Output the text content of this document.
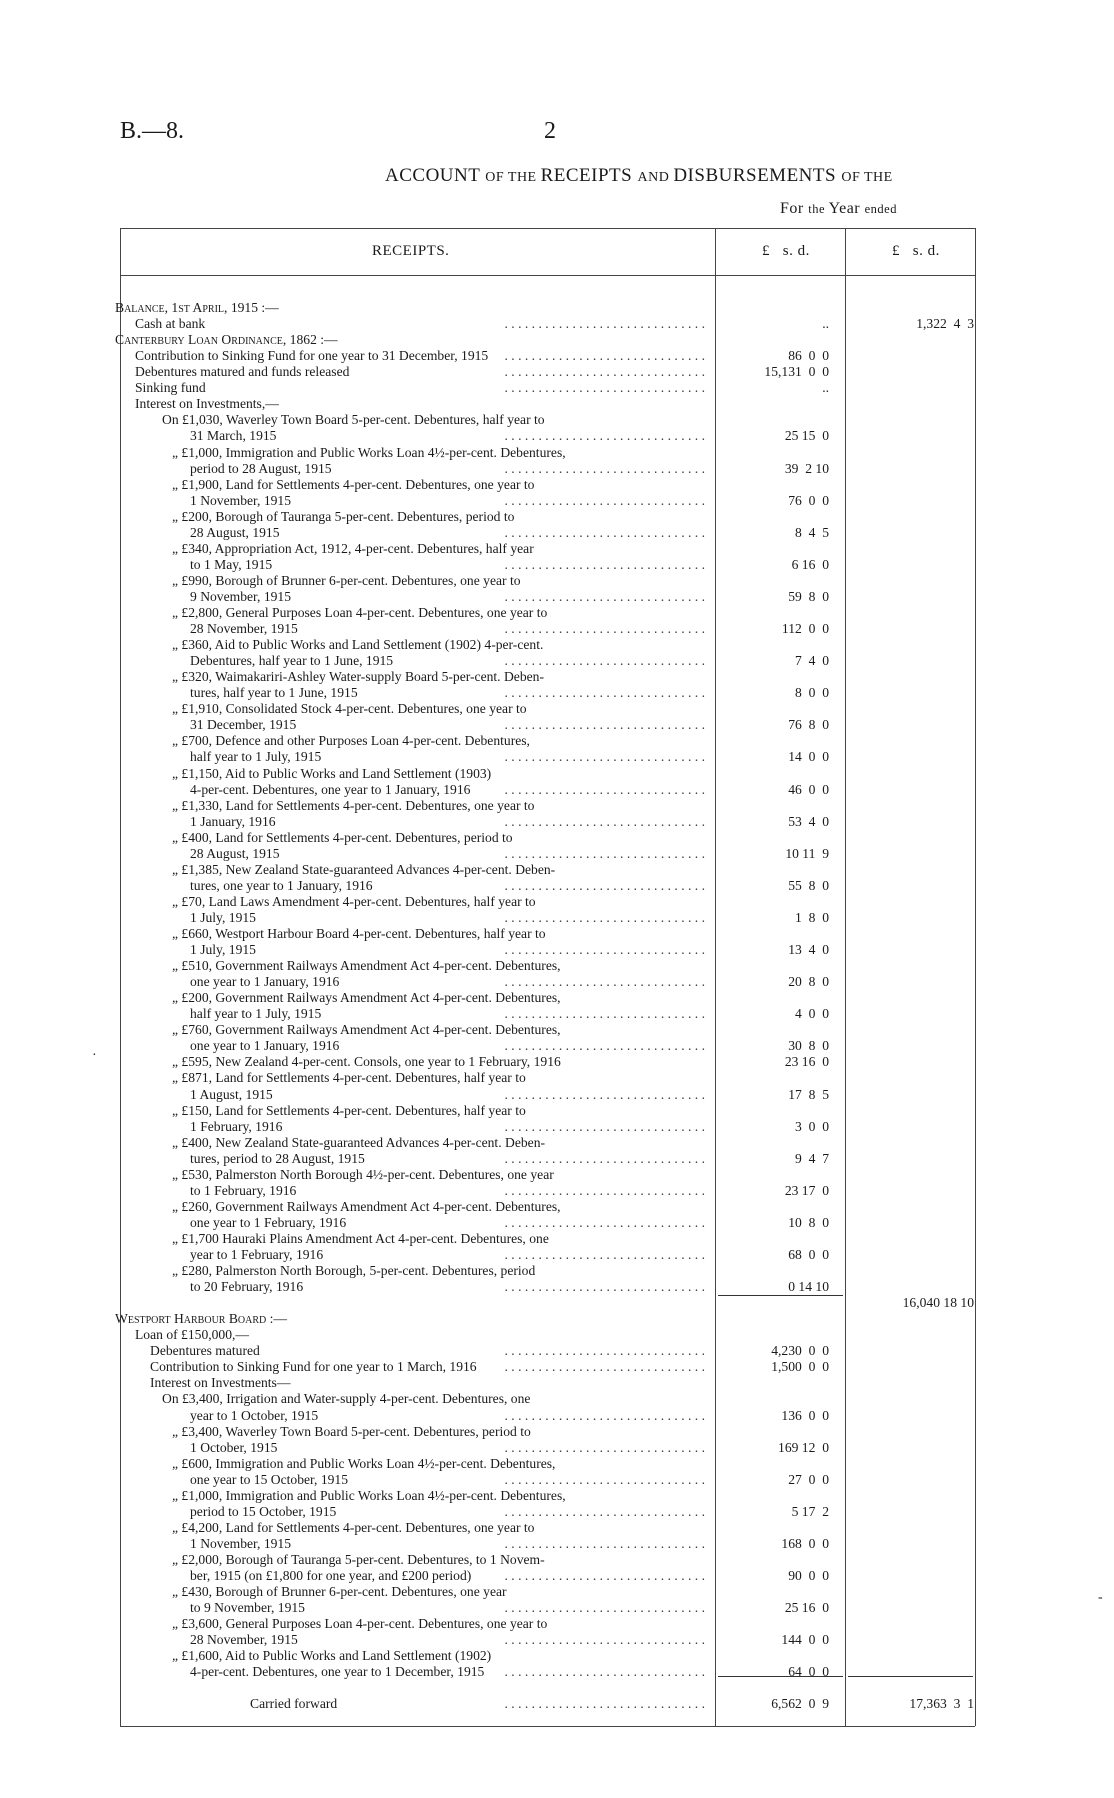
B.—8.	2
ACCOUNT OF THE RECEIPTS AND DISBURSEMENTS OF THE
For the Year ended
RECEIPTS.	£   s. d.	£   s. d.
·
-
Balance, 1st April, 1915 :—
Cash at bank	. . . . . . . . . . . . . . . . . . . . . . . . . . . . . .	..	1,322  4  3
Canterbury Loan Ordinance, 1862 :—
Contribution to Sinking Fund for one year to 31 December, 1915 . . . . . . . . . . . . . . . . . . . . . . . . . . . . . .	86  0  0
Debentures matured and funds released	. . . . . . . . . . . . . . . . . . . . . . . . . . . . . .	15,131  0  0
Sinking fund	. . . . . . . . . . . . . . . . . . . . . . . . . . . . . .	..
Interest on Investments,—
On £1,030, Waverley Town Board 5-per-cent. Debentures, half year to
31 March, 1915	. . . . . . . . . . . . . . . . . . . . . . . . . . . . . .	25 15  0
„ £1,000, Immigration and Public Works Loan 4½-per-cent. Debentures,
period to 28 August, 1915	. . . . . . . . . . . . . . . . . . . . . . . . . . . . . .	39  2 10
„ £1,900, Land for Settlements 4-per-cent. Debentures, one year to
1 November, 1915	. . . . . . . . . . . . . . . . . . . . . . . . . . . . . .	76  0  0
„ £200, Borough of Tauranga 5-per-cent. Debentures, period to
28 August, 1915	. . . . . . . . . . . . . . . . . . . . . . . . . . . . . .	8  4  5
„ £340, Appropriation Act, 1912, 4-per-cent. Debentures, half year
to 1 May, 1915	. . . . . . . . . . . . . . . . . . . . . . . . . . . . . .	6 16  0
„ £990, Borough of Brunner 6-per-cent. Debentures, one year to
9 November, 1915	. . . . . . . . . . . . . . . . . . . . . . . . . . . . . .	59  8  0
„ £2,800, General Purposes Loan 4-per-cent. Debentures, one year to
28 November, 1915	. . . . . . . . . . . . . . . . . . . . . . . . . . . . . .	112  0  0
„ £360, Aid to Public Works and Land Settlement (1902) 4-per-cent.
Debentures, half year to 1 June, 1915	. . . . . . . . . . . . . . . . . . . . . . . . . . . . . .	7  4  0
„ £320, Waimakariri-Ashley Water-supply Board 5-per-cent. Deben-
tures, half year to 1 June, 1915	. . . . . . . . . . . . . . . . . . . . . . . . . . . . . .	8  0  0
„ £1,910, Consolidated Stock 4-per-cent. Debentures, one year to
31 December, 1915	. . . . . . . . . . . . . . . . . . . . . . . . . . . . . .	76  8  0
„ £700, Defence and other Purposes Loan 4-per-cent. Debentures,
half year to 1 July, 1915	. . . . . . . . . . . . . . . . . . . . . . . . . . . . . .	14  0  0
„ £1,150, Aid to Public Works and Land Settlement (1903)
4-per-cent. Debentures, one year to 1 January, 1916	. . . . . . . . . . . . . . . . . . . . . . . . . . . . . .	46  0  0
„ £1,330, Land for Settlements 4-per-cent. Debentures, one year to
1 January, 1916	. . . . . . . . . . . . . . . . . . . . . . . . . . . . . .	53  4  0
„ £400, Land for Settlements 4-per-cent. Debentures, period to
28 August, 1915	. . . . . . . . . . . . . . . . . . . . . . . . . . . . . .	10 11  9
„ £1,385, New Zealand State-guaranteed Advances 4-per-cent. Deben-
tures, one year to 1 January, 1916	. . . . . . . . . . . . . . . . . . . . . . . . . . . . . .	55  8  0
„ £70, Land Laws Amendment 4-per-cent. Debentures, half year to
1 July, 1915	. . . . . . . . . . . . . . . . . . . . . . . . . . . . . .	1  8  0
„ £660, Westport Harbour Board 4-per-cent. Debentures, half year to
1 July, 1915	. . . . . . . . . . . . . . . . . . . . . . . . . . . . . .	13  4  0
„ £510, Government Railways Amendment Act 4-per-cent. Debentures,
one year to 1 January, 1916	. . . . . . . . . . . . . . . . . . . . . . . . . . . . . .	20  8  0
„ £200, Government Railways Amendment Act 4-per-cent. Debentures,
half year to 1 July, 1915	. . . . . . . . . . . . . . . . . . . . . . . . . . . . . .	4  0  0
„ £760, Government Railways Amendment Act 4-per-cent. Debentures,
one year to 1 January, 1916	. . . . . . . . . . . . . . . . . . . . . . . . . . . . . .	30  8  0
„ £595, New Zealand 4-per-cent. Consols, one year to 1 February, 1916	23 16  0
„ £871, Land for Settlements 4-per-cent. Debentures, half year to
1 August, 1915	. . . . . . . . . . . . . . . . . . . . . . . . . . . . . .	17  8  5
„ £150, Land for Settlements 4-per-cent. Debentures, half year to
1 February, 1916	. . . . . . . . . . . . . . . . . . . . . . . . . . . . . .	3  0  0
„ £400, New Zealand State-guaranteed Advances 4-per-cent. Deben-
tures, period to 28 August, 1915	. . . . . . . . . . . . . . . . . . . . . . . . . . . . . .	9  4  7
„ £530, Palmerston North Borough 4½-per-cent. Debentures, one year
to 1 February, 1916	. . . . . . . . . . . . . . . . . . . . . . . . . . . . . .	23 17  0
„ £260, Government Railways Amendment Act 4-per-cent. Debentures,
one year to 1 February, 1916	. . . . . . . . . . . . . . . . . . . . . . . . . . . . . .	10  8  0
„ £1,700 Hauraki Plains Amendment Act 4-per-cent. Debentures, one
year to 1 February, 1916	. . . . . . . . . . . . . . . . . . . . . . . . . . . . . .	68  0  0
„ £280, Palmerston North Borough, 5-per-cent. Debentures, period
to 20 February, 1916	. . . . . . . . . . . . . . . . . . . . . . . . . . . . . .	0 14 10
16,040 18 10
Westport Harbour Board :—
Loan of £150,000,—
Debentures matured	. . . . . . . . . . . . . . . . . . . . . . . . . . . . . .	4,230  0  0
Contribution to Sinking Fund for one year to 1 March, 1916 . . . . . . . . . . . . . . . . . . . . . . . . . . . . . .	1,500  0  0
Interest on Investments—
On £3,400, Irrigation and Water-supply 4-per-cent. Debentures, one
year to 1 October, 1915	. . . . . . . . . . . . . . . . . . . . . . . . . . . . . .	136  0  0
„ £3,400, Waverley Town Board 5-per-cent. Debentures, period to
1 October, 1915	. . . . . . . . . . . . . . . . . . . . . . . . . . . . . .	169 12  0
„ £600, Immigration and Public Works Loan 4½-per-cent. Debentures,
one year to 15 October, 1915	. . . . . . . . . . . . . . . . . . . . . . . . . . . . . .	27  0  0
„ £1,000, Immigration and Public Works Loan 4½-per-cent. Debentures,
period to 15 October, 1915	. . . . . . . . . . . . . . . . . . . . . . . . . . . . . .	5 17  2
„ £4,200, Land for Settlements 4-per-cent. Debentures, one year to
1 November, 1915	. . . . . . . . . . . . . . . . . . . . . . . . . . . . . .	168  0  0
„ £2,000, Borough of Tauranga 5-per-cent. Debentures, to 1 Novem-
ber, 1915 (on £1,800 for one year, and £200 period) . . . . . . . . . . . . . . . . . . . . . . . . . . . . . .	90  0  0
„ £430, Borough of Brunner 6-per-cent. Debentures, one year
to 9 November, 1915	. . . . . . . . . . . . . . . . . . . . . . . . . . . . . .	25 16  0
„ £3,600, General Purposes Loan 4-per-cent. Debentures, one year to
28 November, 1915	. . . . . . . . . . . . . . . . . . . . . . . . . . . . . .	144  0  0
„ £1,600, Aid to Public Works and Land Settlement (1902)
4-per-cent. Debentures, one year to 1 December, 1915 . . . . . . . . . . . . . . . . . . . . . . . . . . . . . .	64  0  0
Carried forward	. . . . . . . . . . . . . . . . . . . . . . . . . . . . . .	6,562  0  9	17,363  3  1
